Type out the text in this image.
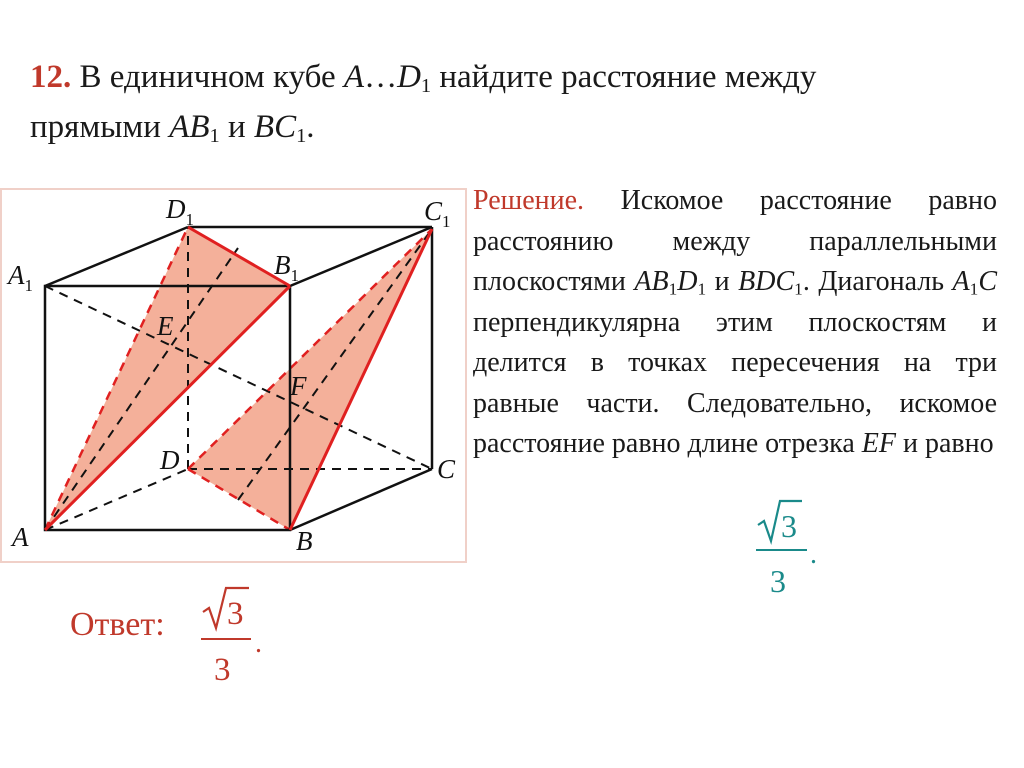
12. В единичном кубе $A\dots D_1$ найдите расстояние между
прямыми $AB_1$ и $BC_1$.
A	B
C
D
$A_1$
$B_1$
$C_1$
$D_1$
E
F
Решение. Искомое расстояние равно расстоянию между параллельными плоскостями $AB_1D_1$ и $BDC_1$. Диагональ $A_1C$ перпендикулярна этим плоскостям и делится в точках пересечения на три равные части. Следовательно, искомое расстояние равно длине отрезка EF и равно
3
3
.
Ответ: 3
3
.
